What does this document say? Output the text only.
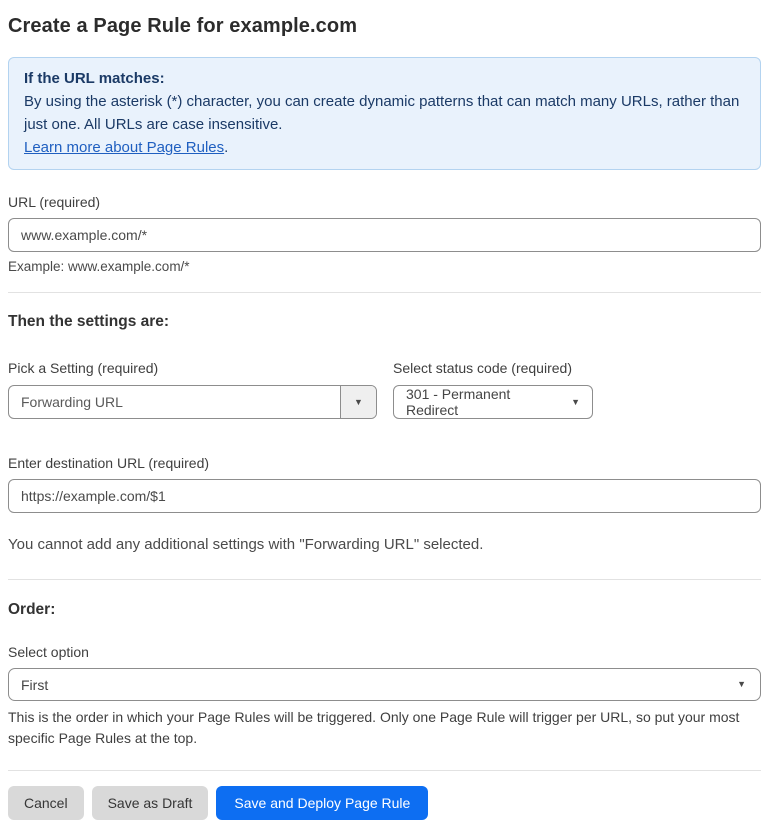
Create a Page Rule for example.com
If the URL matches:
By using the asterisk (*) character, you can create dynamic patterns that can match many URLs, rather than just one. All URLs are case insensitive.
Learn more about Page Rules.
URL (required)
www.example.com/*
Example: www.example.com/*
Then the settings are:
Pick a Setting (required)
Forwarding URL	▼
Select status code (required)
301 - Permanent Redirect
▼
Enter destination URL (required)
https://example.com/$1
You cannot add any additional settings with "Forwarding URL" selected.
Order:
Select option
First	▼
This is the order in which your Page Rules will be triggered. Only one Page Rule will trigger per URL, so put your most specific Page Rules at the top.
Cancel	Save as Draft	Save and Deploy Page Rule
